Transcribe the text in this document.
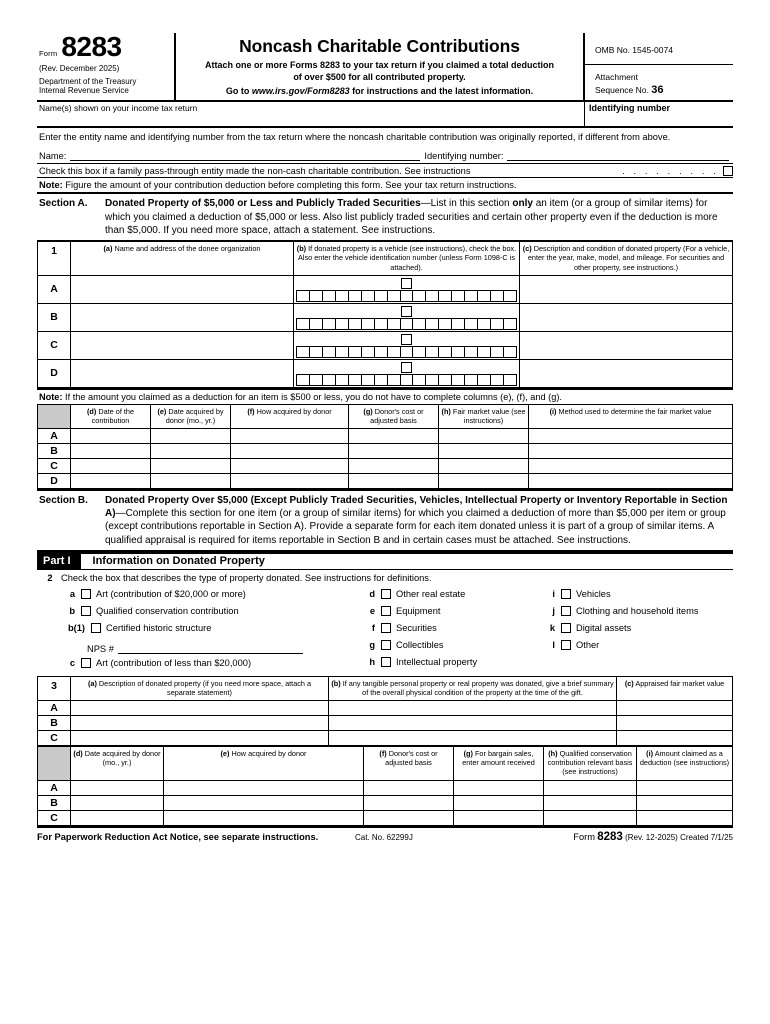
Form 8283
(Rev. December 2025)
Department of the Treasury
Internal Revenue Service
Noncash Charitable Contributions
Attach one or more Forms 8283 to your tax return if you claimed a total deduction
of over $500 for all contributed property.
Go to www.irs.gov/Form8283 for instructions and the latest information.
OMB No. 1545-0074
Attachment
Sequence No. 36
Name(s) shown on your income tax return	Identifying number
Enter the entity name and identifying number from the tax return where the noncash charitable contribution was originally reported, if different from above.
Name:	Identifying number:
Check this box if a family pass-through entity made the non-cash charitable contribution. See instructions	. . . . . . . . .
Note: Figure the amount of your contribution deduction before completing this form. See your tax return instructions.
Section A.	Donated Property of $5,000 or Less and Publicly Traded Securities—List in this section only an item (or a group of similar items) for which you claimed a deduction of $5,000 or less. Also list publicly traded securities and certain other property even if the deduction is more than $5,000. If you need more space, attach a statement. See instructions.
1	(a) Name and address of the donee organization	(b) If donated property is a vehicle (see instructions), check the box. Also enter the vehicle identification number (unless Form 1098-C is attached).	(c) Description and condition of donated property (For a vehicle, enter the year, make, model, and mileage. For securities and other property, see instructions.)
A		

B		

C		

D		

Note: If the amount you claimed as a deduction for an item is $500 or less, you do not have to complete columns (e), (f), and (g).
	(d) Date of the contribution	(e) Date acquired by donor (mo., yr.)	(f) How acquired by donor	(g) Donor's cost or adjusted basis	(h) Fair market value (see instructions)	(i) Method used to determine the fair market value
A						
B						
C						
D						
Section B.	Donated Property Over $5,000 (Except Publicly Traded Securities, Vehicles, Intellectual Property or Inventory Reportable in Section A)—Complete this section for one item (or a group of similar items) for which you claimed a deduction of more than $5,000 per item or group (except contributions reportable in Section A). Provide a separate form for each item donated unless it is part of a group of similar items. A qualified appraisal is required for items reportable in Section B and in certain cases must be attached. See instructions.
Part I	Information on Donated Property
2 Check the box that describes the type of property donated. See instructions for definitions.
a	Art (contribution of $20,000 or more)
b	Qualified conservation contribution
b(1)	Certified historic structure
NPS #
c	Art (contribution of less than $20,000)
d	Other real estate
e	Equipment
f	Securities
g	Collectibles
h	Intellectual property
i	Vehicles
j	Clothing and household items
k	Digital assets
l	Other
3	(a) Description of donated property (if you need more space, attach a separate statement)	(b) If any tangible personal property or real property was donated, give a brief summary of the overall physical condition of the property at the time of the gift.	(c) Appraised fair market value
A			
B			
C			
	(d) Date acquired by donor (mo., yr.)	(e) How acquired by donor	(f) Donor's cost or adjusted basis	(g) For bargain sales, enter amount received	(h) Qualified conservation contribution relevant basis (see instructions)	(i) Amount claimed as a deduction (see instructions)
A						
B						
C						
For Paperwork Reduction Act Notice, see separate instructions.	Cat. No. 62299J	Form 8283 (Rev. 12-2025) Created 7/1/25
